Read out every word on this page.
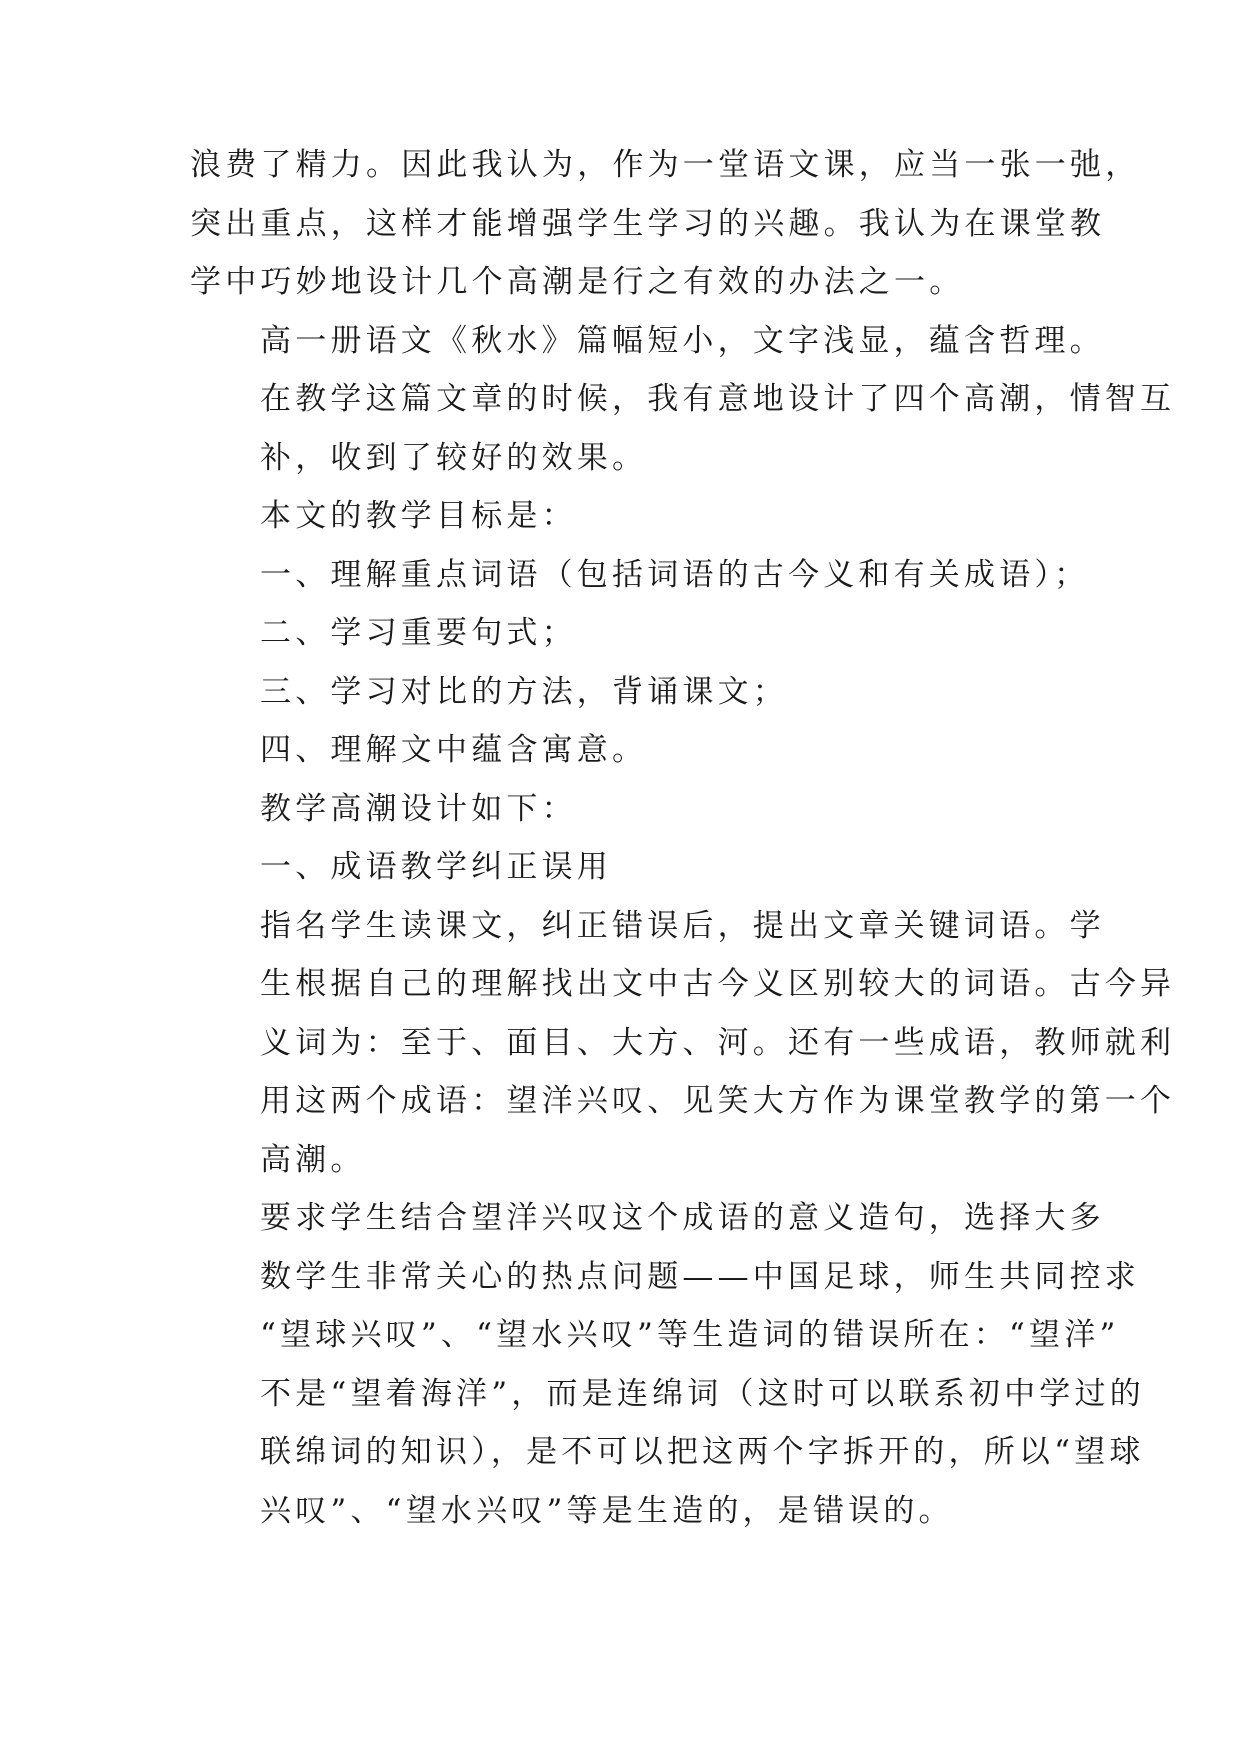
浪费了精力。因此我认为，作为一堂语文课，应当一张一弛，
突出重点，这样才能增强学生学习的兴趣。我认为在课堂教
学中巧妙地设计几个高潮是行之有效的办法之一。
高一册语文《秋水》篇幅短小，文字浅显，蕴含哲理。
在教学这篇文章的时候，我有意地设计了四个高潮，情智互
补，收到了较好的效果。
本文的教学目标是：
一、理解重点词语（包括词语的古今义和有关成语）；
二、学习重要句式；
三、学习对比的方法，背诵课文；
四、理解文中蕴含寓意。
教学高潮设计如下：
一、成语教学纠正误用
指名学生读课文，纠正错误后，提出文章关键词语。学
生根据自己的理解找出文中古今义区别较大的词语。古今异
义词为：至于、面目、大方、河。还有一些成语，教师就利
用这两个成语：望洋兴叹、见笑大方作为课堂教学的第一个
高潮。
要求学生结合望洋兴叹这个成语的意义造句，选择大多
数学生非常关心的热点问题——中国足球，师生共同控求
“望球兴叹”、“望水兴叹”等生造词的错误所在：“望洋”
不是“望着海洋”，而是连绵词（这时可以联系初中学过的
联绵词的知识），是不可以把这两个字拆开的，所以“望球
兴叹”、“望水兴叹”等是生造的，是错误的。
